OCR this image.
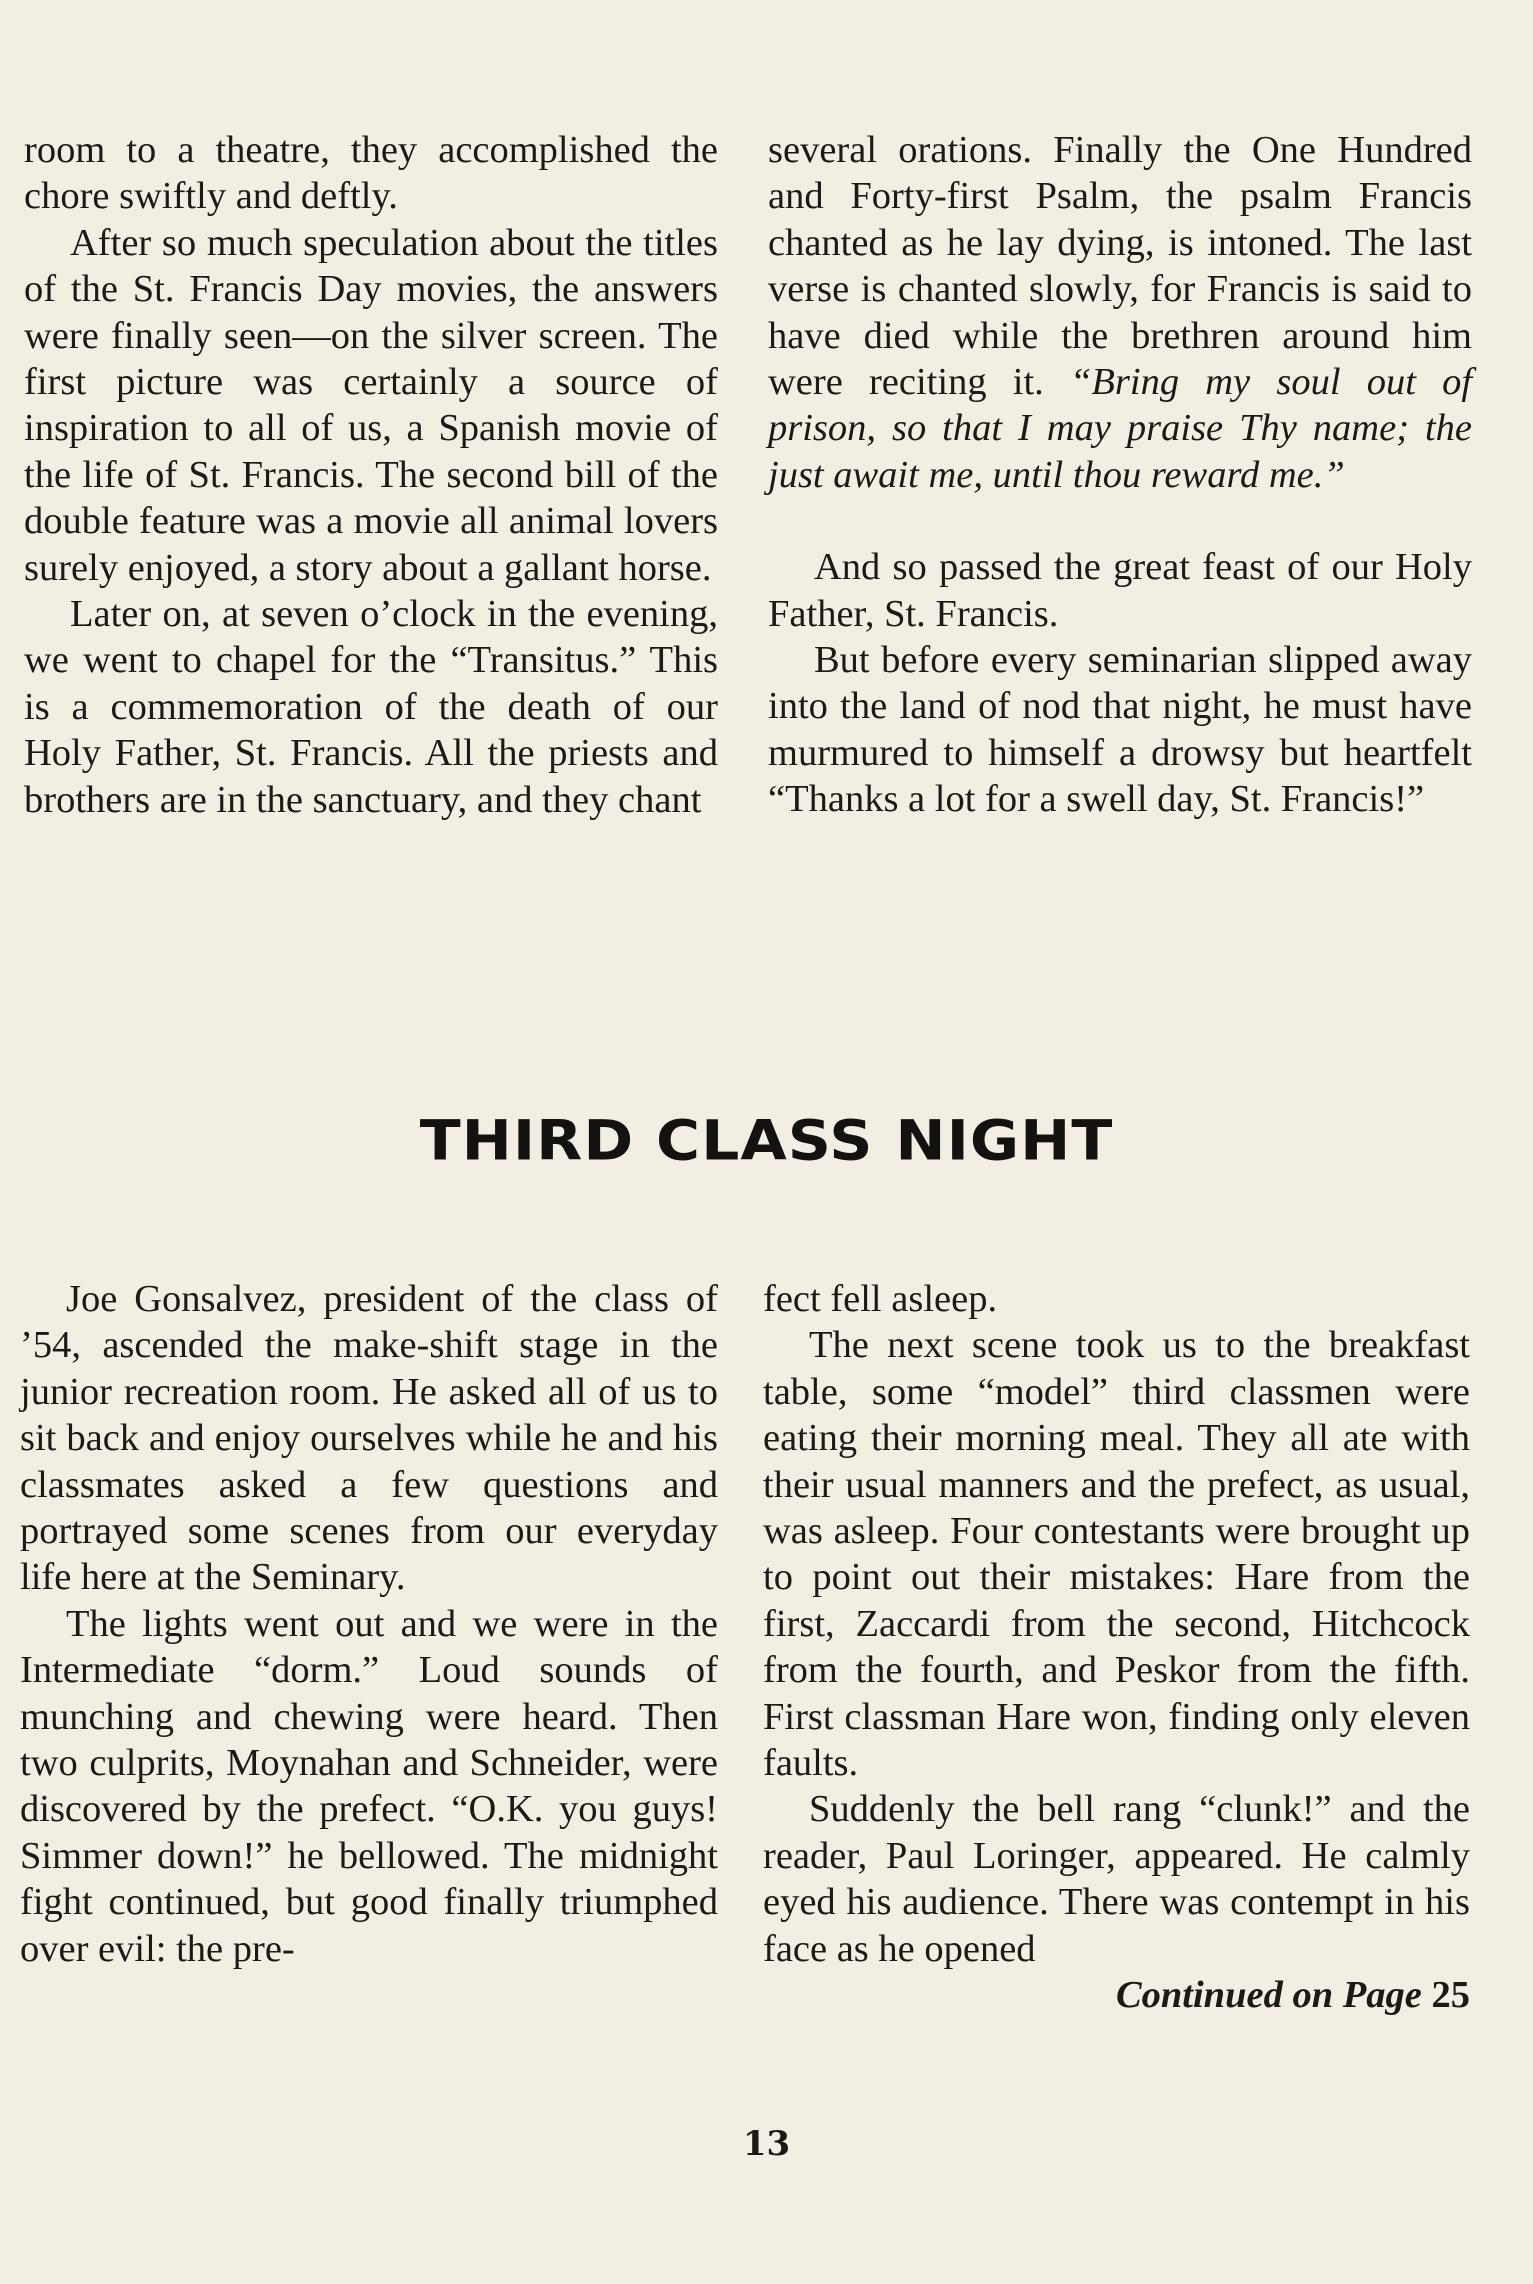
room to a theatre, they accomplished the chore swiftly and deftly.

After so much speculation about the titles of the St. Francis Day movies, the answers were finally seen—on the silver screen. The first picture was certainly a source of inspiration to all of us, a Spanish movie of the life of St. Francis. The second bill of the double feature was a movie all animal lovers surely enjoyed, a story about a gallant horse.

Later on, at seven o’clock in the evening, we went to chapel for the “Transitus.” This is a commemoration of the death of our Holy Father, St. Francis. All the priests and brothers are in the sanctuary, and they chant

several orations. Finally the One Hundred and Forty-first Psalm, the psalm Francis chanted as he lay dying, is intoned. The last verse is chanted slowly, for Francis is said to have died while the brethren around him were reciting it. “Bring my soul out of prison, so that I may praise Thy name; the just await me, until thou reward me.”

And so passed the great feast of our Holy Father, St. Francis.

But before every seminarian slipped away into the land of nod that night, he must have murmured to himself a drowsy but heartfelt “Thanks a lot for a swell day, St. Francis!”

THIRD CLASS NIGHT

Joe Gonsalvez, president of the class of ’54, ascended the make-shift stage in the junior recreation room. He asked all of us to sit back and enjoy ourselves while he and his classmates asked a few questions and portrayed some scenes from our everyday life here at the Seminary.

The lights went out and we were in the Intermediate “dorm.” Loud sounds of munching and chewing were heard. Then two culprits, Moynahan and Schneider, were discovered by the prefect. “O.K. you guys! Simmer down!” he bellowed. The midnight fight continued, but good finally triumphed over evil: the pre-

fect fell asleep.

The next scene took us to the breakfast table, some “model” third classmen were eating their morning meal. They all ate with their usual manners and the prefect, as usual, was asleep. Four contestants were brought up to point out their mistakes: Hare from the first, Zaccardi from the second, Hitchcock from the fourth, and Peskor from the fifth. First classman Hare won, finding only eleven faults.

Suddenly the bell rang “clunk!” and the reader, Paul Loringer, appeared. He calmly eyed his audience. There was contempt in his face as he opened

Continued on Page 25

13
